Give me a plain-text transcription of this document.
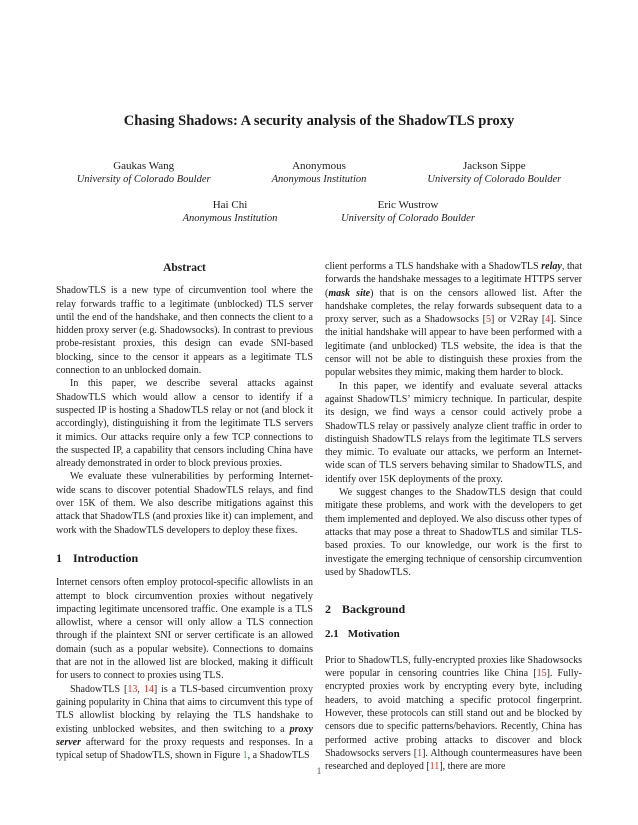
Chasing Shadows: A security analysis of the ShadowTLS proxy
Gaukas Wang
University of Colorado Boulder
Anonymous
Anonymous Institution
Jackson Sippe
University of Colorado Boulder
Hai Chi
Anonymous Institution
Eric Wustrow
University of Colorado Boulder
Abstract

ShadowTLS is a new type of circumvention tool where the relay forwards traffic to a legitimate (unblocked) TLS server until the end of the handshake, and then connects the client to a hidden proxy server (e.g. Shadowsocks). In contrast to previous probe-resistant proxies, this design can evade SNI-based blocking, since to the censor it appears as a legitimate TLS connection to an unblocked domain.

In this paper, we describe several attacks against ShadowTLS which would allow a censor to identify if a suspected IP is hosting a ShadowTLS relay or not (and block it accordingly), distinguishing it from the legitimate TLS servers it mimics. Our attacks require only a few TCP connections to the suspected IP, a capability that censors including China have already demonstrated in order to block previous proxies.

We evaluate these vulnerabilities by performing Internet-wide scans to discover potential ShadowTLS relays, and find over 15K of them. We also describe mitigations against this attack that ShadowTLS (and proxies like it) can implement, and work with the ShadowTLS developers to deploy these fixes.

1 Introduction

Internet censors often employ protocol-specific allowlists in an attempt to block circumvention proxies without negatively impacting legitimate uncensored traffic. One example is a TLS allowlist, where a censor will only allow a TLS connection through if the plaintext SNI or server certificate is an allowed domain (such as a popular website). Connections to domains that are not in the allowed list are blocked, making it difficult for users to connect to proxies using TLS.

ShadowTLS [13, 14] is a TLS-based circumvention proxy gaining popularity in China that aims to circumvent this type of TLS allowlist blocking by relaying the TLS handshake to existing unblocked websites, and then switching to a proxy server afterward for the proxy requests and responses. In a typical setup of ShadowTLS, shown in Figure 1, a ShadowTLS

client performs a TLS handshake with a ShadowTLS relay, that forwards the handshake messages to a legitimate HTTPS server (mask site) that is on the censors allowed list. After the handshake completes, the relay forwards subsequent data to a proxy server, such as a Shadowsocks [5] or V2Ray [4]. Since the initial handshake will appear to have been performed with a legitimate (and unblocked) TLS website, the idea is that the censor will not be able to distinguish these proxies from the popular websites they mimic, making them harder to block.

In this paper, we identify and evaluate several attacks against ShadowTLS’ mimicry technique. In particular, despite its design, we find ways a censor could actively probe a ShadowTLS relay or passively analyze client traffic in order to distinguish ShadowTLS relays from the legitimate TLS servers they mimic. To evaluate our attacks, we perform an Internet-wide scan of TLS servers behaving similar to ShadowTLS, and identify over 15K deployments of the proxy.

We suggest changes to the ShadowTLS design that could mitigate these problems, and work with the developers to get them implemented and deployed. We also discuss other types of attacks that may pose a threat to ShadowTLS and similar TLS-based proxies. To our knowledge, our work is the first to investigate the emerging technique of censorship circumvention used by ShadowTLS.

2 Background
2.1 Motivation

Prior to ShadowTLS, fully-encrypted proxies like Shadowsocks were popular in censoring countries like China [15]. Fully-encrypted proxies work by encrypting every byte, including headers, to avoid matching a specific protocol fingerprint. However, these protocols can still stand out and be blocked by censors due to specific patterns/behaviors. Recently, China has performed active probing attacks to discover and block Shadowsocks servers [1]. Although countermeasures have been researched and deployed [11], there are more

1
